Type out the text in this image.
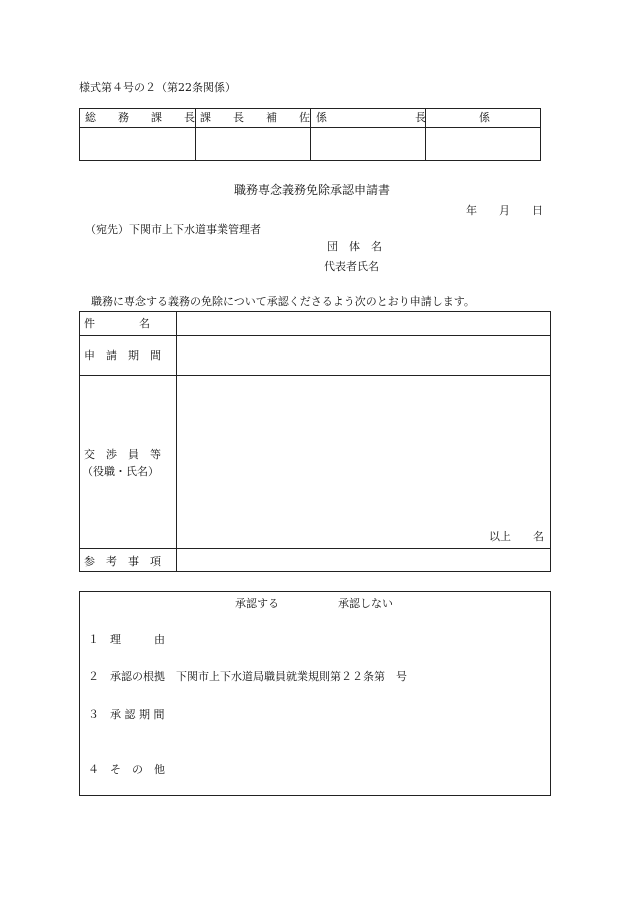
様式第４号の２（第22条関係）
総　　務　　課　　長 課　　長　　補　　佐 係　　　　　　　　長	係
職務専念義務免除承認申請書
年　　月　　日
（宛先）下関市上下水道事業管理者
団　体　名
代表者氏名
職務に専念する義務の免除について承認くださるよう次のとおり申請します。
件　　　　名
申　請　期　間
交　渉　員　等
（役職・氏名）
以上　　名
参　考　事　項
承認する	承認しない
１ 理　　　由
２ 承認の根拠　下関市上下水道局職員就業規則第２２条第　号
３ 承 認 期 間
４ そ　の　他
